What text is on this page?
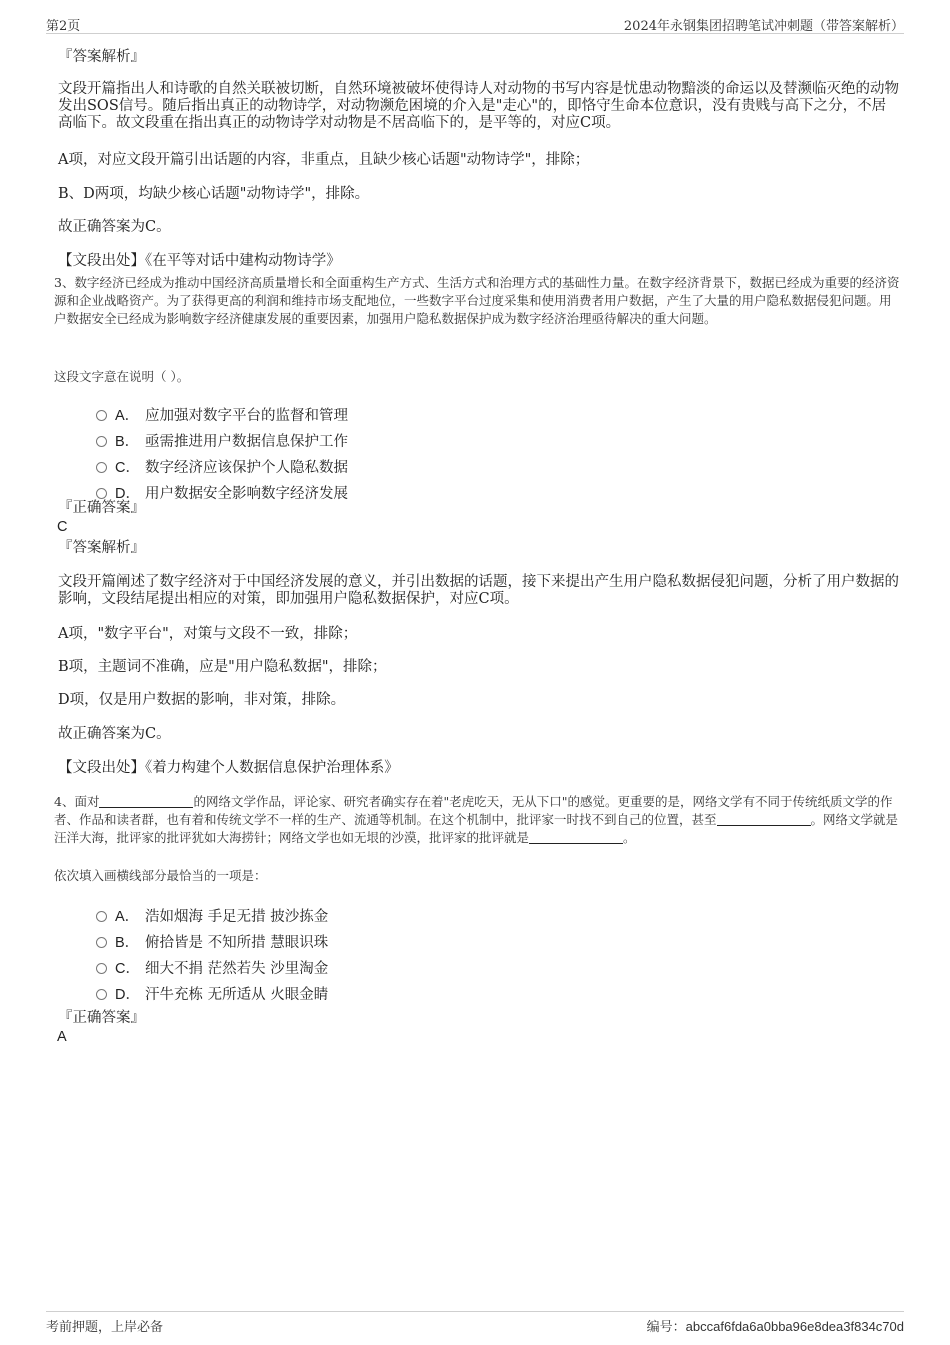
第2页	2024年永钢集团招聘笔试冲刺题（带答案解析）
『答案解析』
文段开篇指出人和诗歌的自然关联被切断，自然环境被破坏使得诗人对动物的书写内容是忧患动物黯淡的命运以及替濒临灭绝的动物发出SOS信号。随后指出真正的动物诗学，对动物濒危困境的介入是"走心"的，即恪守生命本位意识，没有贵贱与高下之分，不居高临下。故文段重在指出真正的动物诗学对动物是不居高临下的，是平等的，对应C项。
A项，对应文段开篇引出话题的内容，非重点，且缺少核心话题"动物诗学"，排除；
B、D两项，均缺少核心话题"动物诗学"，排除。
故正确答案为C。
【文段出处】《在平等对话中建构动物诗学》
3、数字经济已经成为推动中国经济高质量增长和全面重构生产方式、生活方式和治理方式的基础性力量。在数字经济背景下，数据已经成为重要的经济资源和企业战略资产。为了获得更高的利润和维持市场支配地位，一些数字平台过度采集和使用消费者用户数据，产生了大量的用户隐私数据侵犯问题。用户数据安全已经成为影响数字经济健康发展的重要因素，加强用户隐私数据保护成为数字经济治理亟待解决的重大问题。
这段文字意在说明（ ）。
A． 应加强对数字平台的监督和管理
B． 亟需推进用户数据信息保护工作
C． 数字经济应该保护个人隐私数据
D． 用户数据安全影响数字经济发展
『正确答案』
C
『答案解析』
文段开篇阐述了数字经济对于中国经济发展的意义，并引出数据的话题，接下来提出产生用户隐私数据侵犯问题，分析了用户数据的影响，文段结尾提出相应的对策，即加强用户隐私数据保护，对应C项。
A项，"数字平台"，对策与文段不一致，排除；
B项，主题词不准确，应是"用户隐私数据"，排除；
D项，仅是用户数据的影响，非对策，排除。
故正确答案为C。
【文段出处】《着力构建个人数据信息保护治理体系》
4、面对	的网络文学作品，评论家、研究者确实存在着"老虎吃天，无从下口"的感觉。更重要的是，网络文学有不同于传统纸质文学的作者、作品和读者群，也有着和传统文学不一样的生产、流通等机制。在这个机制中，批评家一时找不到自己的位置，甚至	。网络文学就是汪洋大海，批评家的批评犹如大海捞针；网络文学也如无垠的沙漠，批评家的批评就是	。
依次填入画横线部分最恰当的一项是：
A． 浩如烟海 手足无措 披沙拣金
B． 俯拾皆是 不知所措 慧眼识珠
C． 细大不捐 茫然若失 沙里淘金
D． 汗牛充栋 无所适从 火眼金睛
『正确答案』
A
考前押题，上岸必备	编号：abccaf6fda6a0bba96e8dea3f834c70d
